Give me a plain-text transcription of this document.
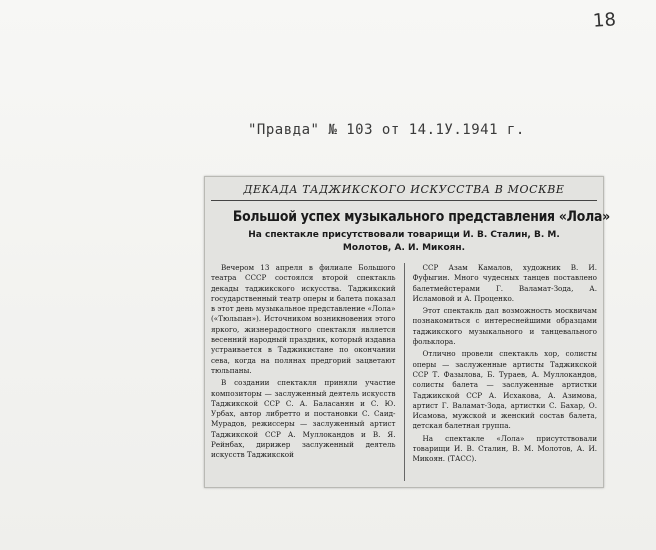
18
"Правда" № 103 от 14.1У.1941 г.
ДЕКАДА ТАДЖИКСКОГО ИСКУССТВА В МОСКВЕ
Большой успех музыкального представления «Лола»
На спектакле присутствовали товарищи И. В. Сталин, В. М. Молотов, А. И. Микоян.

Вечером 13 апреля в филиале Большого театра СССР состоялся второй спектакль декады таджикского искусства. Таджикский государственный театр оперы и балета показал в этот день музыкальное представление «Лола» («Тюльпан»). Источником возникновения этого яркого, жизнерадостного спектакля является весенний народный праздник, который издавна устраивается в Таджикистане по окончании сева, когда на полянах предгорий зацветают тюльпаны.

В создании спектакля приняли участие композиторы — заслуженный деятель искусств Таджикской ССР С. А. Баласанян и С. Ю. Урбах, автор либретто и постановки С. Саид-Мурадов, режиссеры — заслуженный артист Таджикской ССР А. Муллокандов и В. Я. Рейнбах, дирижер заслуженный деятель искусств Таджикской

ССР Азам Камалов, художник В. И. Фуфыгин. Много чудесных танцев поставлено балетмейстерами Г. Валамат-Зода, А. Исламовой и А. Проценко.

Этот спектакль дал возможность москвичам познакомиться с интереснейшими образцами таджикского музыкального и танцевального фольклора.

Отлично провели спектакль хор, солисты оперы — заслуженные артисты Таджикской ССР Т. Фазылова, Б. Тураев, А. Муллокандов, солисты балета — заслуженные артистки Таджикской ССР А. Исхакова, А. Азимова, артист Г. Валамат-Зода, артистки С. Бахар, О. Исамова, мужской и женский состав балета, детская балетная группа.

На спектакле «Лола» присутствовали товарищи И. В. Сталин, В. М. Молотов, А. И. Микоян. (ТАСС).
